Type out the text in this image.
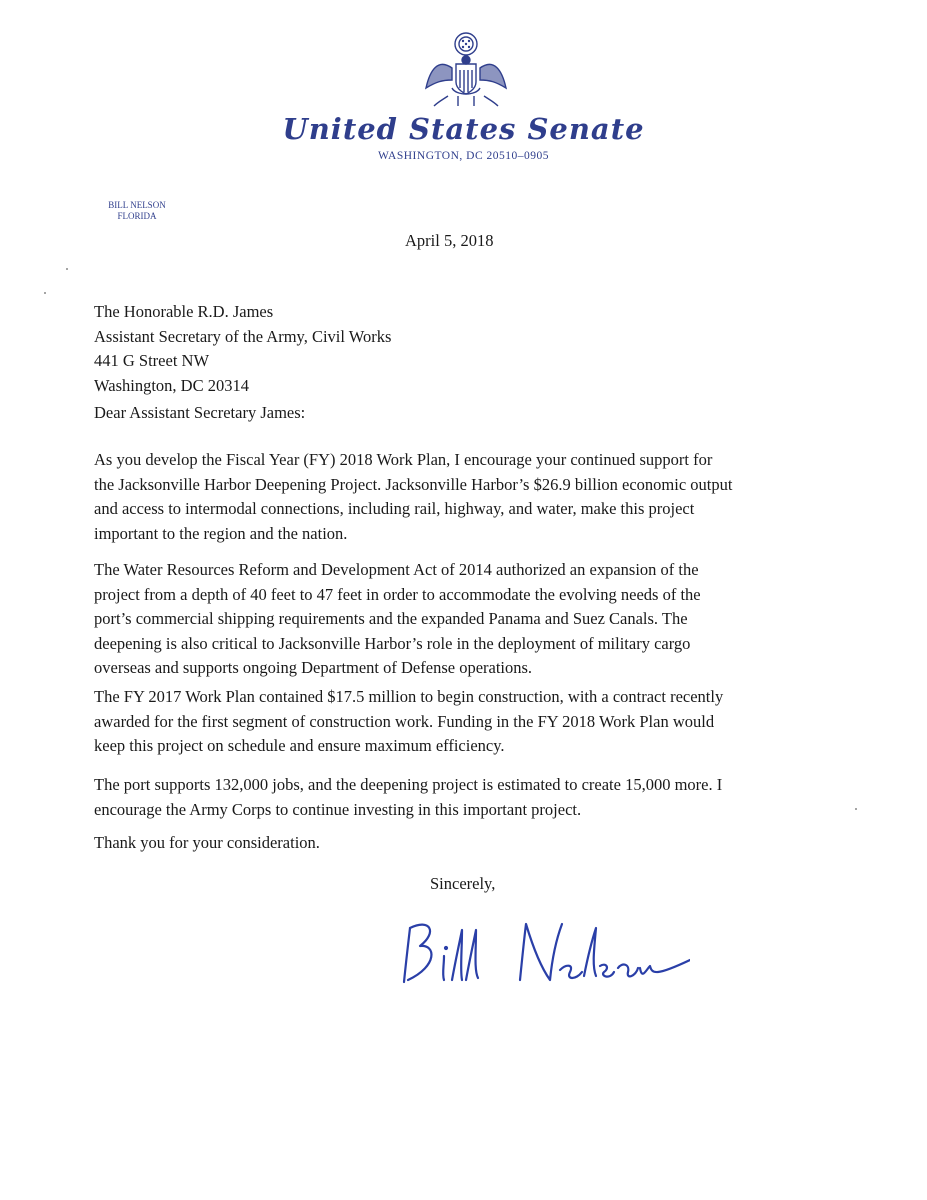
United States Senate
WASHINGTON, DC 20510–0905
BILL NELSON
FLORIDA
April 5, 2018
The Honorable R.D. James
Assistant Secretary of the Army, Civil Works
441 G Street NW
Washington, DC 20314
Dear Assistant Secretary James:
As you develop the Fiscal Year (FY) 2018 Work Plan, I encourage your continued support for
the Jacksonville Harbor Deepening Project. Jacksonville Harbor’s $26.9 billion economic output
and access to intermodal connections, including rail, highway, and water, make this project
important to the region and the nation.
The Water Resources Reform and Development Act of 2014 authorized an expansion of the
project from a depth of 40 feet to 47 feet in order to accommodate the evolving needs of the
port’s commercial shipping requirements and the expanded Panama and Suez Canals. The
deepening is also critical to Jacksonville Harbor’s role in the deployment of military cargo
overseas and supports ongoing Department of Defense operations.
The FY 2017 Work Plan contained $17.5 million to begin construction, with a contract recently
awarded for the first segment of construction work. Funding in the FY 2018 Work Plan would
keep this project on schedule and ensure maximum efficiency.
The port supports 132,000 jobs, and the deepening project is estimated to create 15,000 more. I
encourage the Army Corps to continue investing in this important project.
Thank you for your consideration.
Sincerely,
